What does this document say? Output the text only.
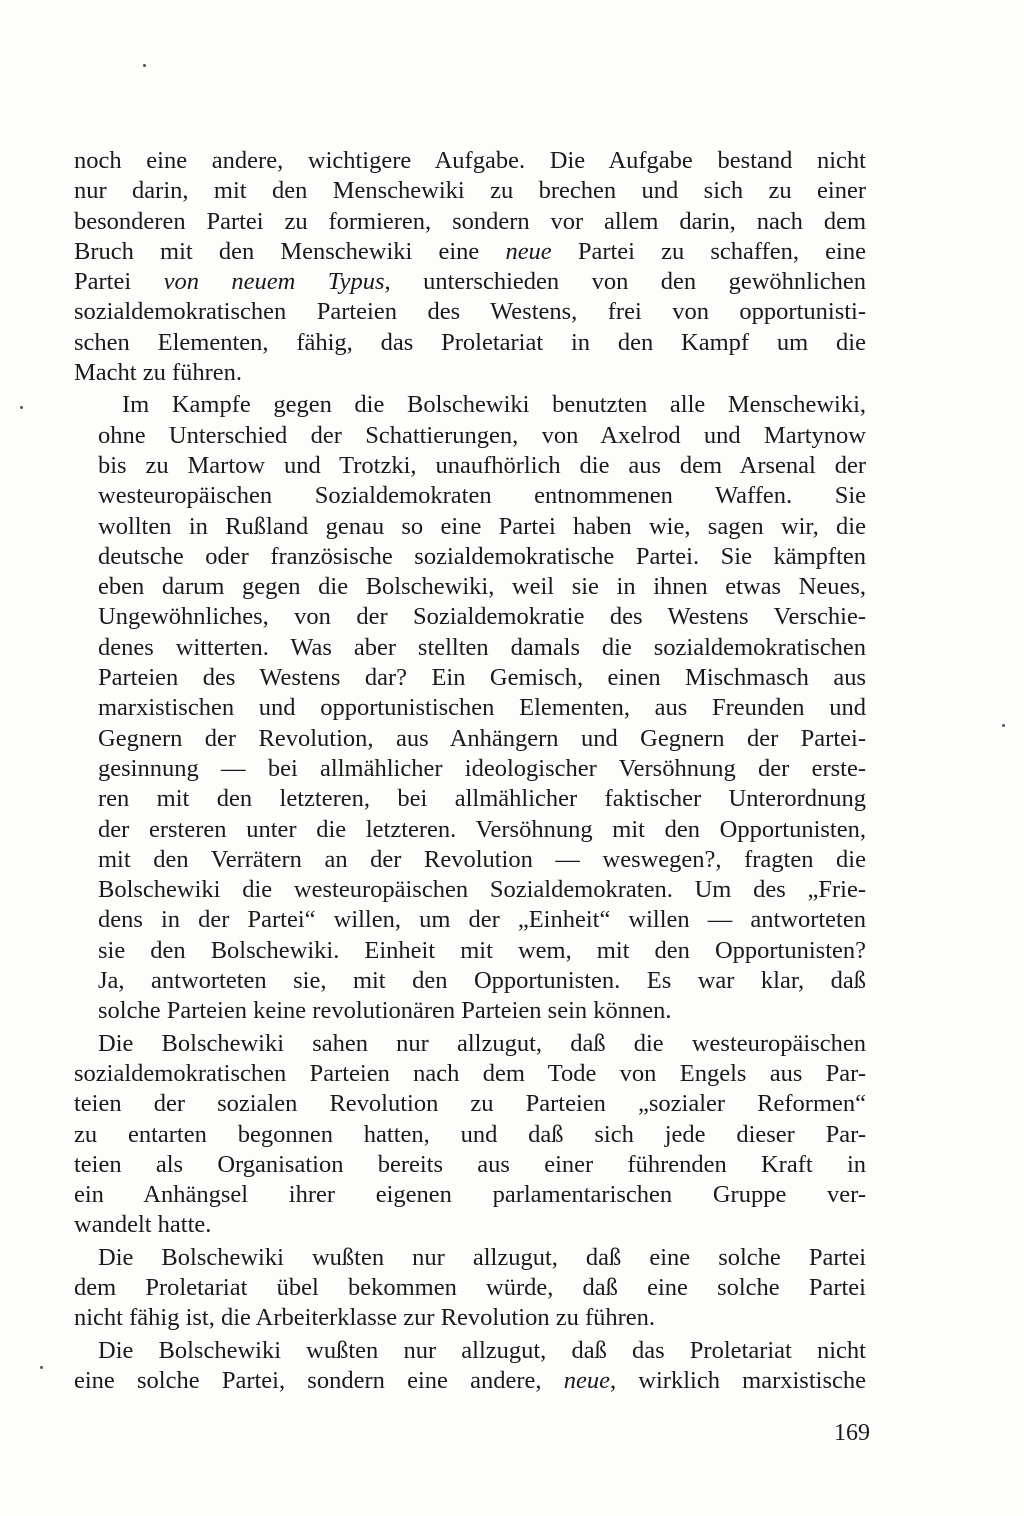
noch eine andere, wichtigere Aufgabe. Die Aufgabe bestand nicht
nur darin, mit den Menschewiki zu brechen und sich zu einer
besonderen Partei zu formieren, sondern vor allem darin, nach dem
Bruch mit den Menschewiki eine neue Partei zu schaffen, eine
Partei von neuem Typus, unterschieden von den gewöhnlichen
sozialdemokratischen Parteien des Westens, frei von opportunisti-
schen Elementen, fähig, das Proletariat in den Kampf um die
Macht zu führen.
Im Kampfe gegen die Bolschewiki benutzten alle Menschewiki,
ohne Unterschied der Schattierungen, von Axelrod und Martynow
bis zu Martow und Trotzki, unaufhörlich die aus dem Arsenal der
westeuropäischen Sozialdemokraten entnommenen Waffen. Sie
wollten in Rußland genau so eine Partei haben wie, sagen wir, die
deutsche oder französische sozialdemokratische Partei. Sie kämpften
eben darum gegen die Bolschewiki, weil sie in ihnen etwas Neues,
Ungewöhnliches, von der Sozialdemokratie des Westens Verschie-
denes witterten. Was aber stellten damals die sozialdemokratischen
Parteien des Westens dar? Ein Gemisch, einen Mischmasch aus
marxistischen und opportunistischen Elementen, aus Freunden und
Gegnern der Revolution, aus Anhängern und Gegnern der Partei-
gesinnung — bei allmählicher ideologischer Versöhnung der erste-
ren mit den letzteren, bei allmählicher faktischer Unterordnung
der ersteren unter die letzteren. Versöhnung mit den Opportunisten,
mit den Verrätern an der Revolution — weswegen?, fragten die
Bolschewiki die westeuropäischen Sozialdemokraten. Um des „Frie-
dens in der Partei“ willen, um der „Einheit“ willen — antworteten
sie den Bolschewiki. Einheit mit wem, mit den Opportunisten?
Ja, antworteten sie, mit den Opportunisten. Es war klar, daß
solche Parteien keine revolutionären Parteien sein können.
Die Bolschewiki sahen nur allzugut, daß die westeuropäischen
sozialdemokratischen Parteien nach dem Tode von Engels aus Par-
teien der sozialen Revolution zu Parteien „sozialer Reformen“
zu entarten begonnen hatten, und daß sich jede dieser Par-
teien als Organisation bereits aus einer führenden Kraft in
ein Anhängsel ihrer eigenen parlamentarischen Gruppe ver-
wandelt hatte.
Die Bolschewiki wußten nur allzugut, daß eine solche Partei
dem Proletariat übel bekommen würde, daß eine solche Partei
nicht fähig ist, die Arbeiterklasse zur Revolution zu führen.
Die Bolschewiki wußten nur allzugut, daß das Proletariat nicht
eine solche Partei, sondern eine andere, neue, wirklich marxistische
169
